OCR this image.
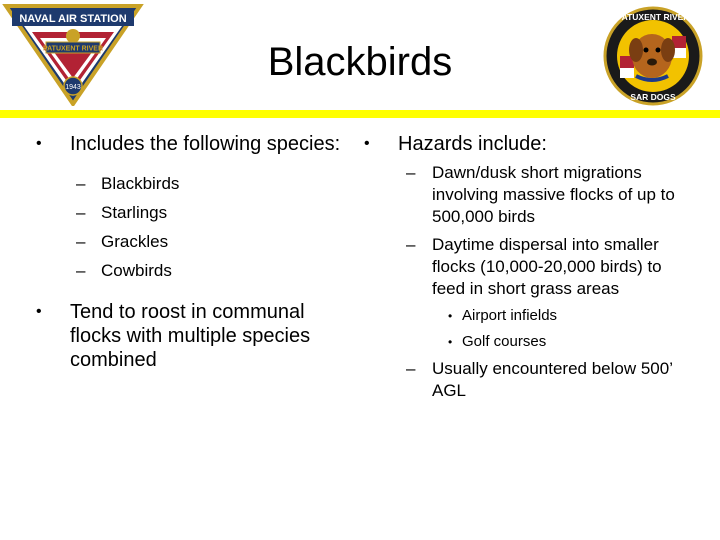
NAVAL AIR STATION
PATUXENT RIVER
1943
Blackbirds
PATUXENT RIVER
SAR DOGS
• Includes the following species:
– Blackbirds
– Starlings
– Grackles
– Cowbirds
• Tend to roost in communal flocks with multiple species combined
• Hazards include:
– Dawn/dusk short migrations involving massive flocks of up to 500,000 birds
– Daytime dispersal into smaller flocks (10,000-20,000 birds) to feed in short grass areas
• Airport infields
• Golf courses
– Usually encountered below 500’ AGL
